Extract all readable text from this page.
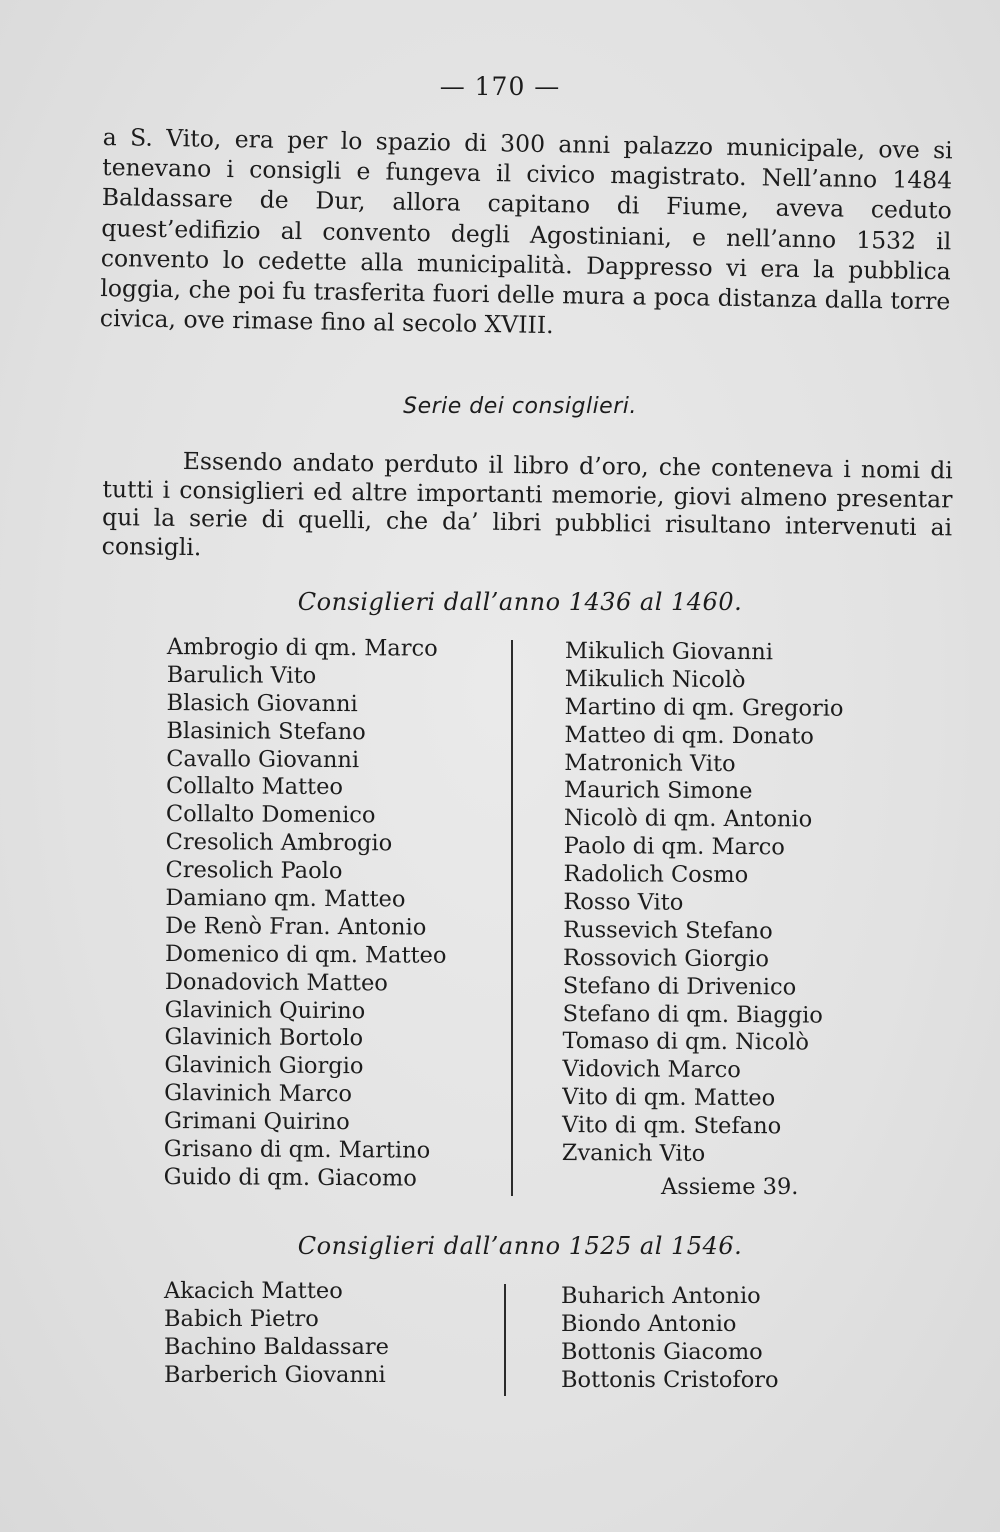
— 170 —
a S. Vito, era per lo spazio di 300 anni palazzo municipale, ove si tenevano i consigli e fungeva il civico magistrato. Nell’anno 1484 Baldassare de Dur, allora capitano di Fiume, aveva ceduto quest’edifizio al convento degli Agostiniani, e nell’anno 1532 il convento lo cedette alla municipalità. Dappresso vi era la pubblica loggia, che poi fu trasferita fuori delle mura a poca distanza dalla torre civica, ove rimase fino al secolo XVIII.
Serie dei consiglieri.
Essendo andato perduto il libro d’oro, che conteneva i nomi di tutti i consiglieri ed altre importanti memorie, giovi almeno presentar qui la serie di quelli, che da’ libri pubblici risultano intervenuti ai consigli.
Consiglieri dall’anno 1436 al 1460.
Ambrogio di qm. Marco
Barulich Vito
Blasich Giovanni
Blasinich Stefano
Cavallo Giovanni
Collalto Matteo
Collalto Domenico
Cresolich Ambrogio
Cresolich Paolo
Damiano qm. Matteo
De Renò Fran. Antonio
Domenico di qm. Matteo
Donadovich Matteo
Glavinich Quirino
Glavinich Bortolo
Glavinich Giorgio
Glavinich Marco
Grimani Quirino
Grisano di qm. Martino
Guido di qm. Giacomo
Mikulich Giovanni
Mikulich Nicolò
Martino di qm. Gregorio
Matteo di qm. Donato
Matronich Vito
Maurich Simone
Nicolò di qm. Antonio
Paolo di qm. Marco
Radolich Cosmo
Rosso Vito
Russevich Stefano
Rossovich Giorgio
Stefano di Drivenico
Stefano di qm. Biaggio
Tomaso di qm. Nicolò
Vidovich Marco
Vito di qm. Matteo
Vito di qm. Stefano
Zvanich Vito
Assieme 39.
Consiglieri dall’anno 1525 al 1546.
Akacich Matteo
Babich Pietro
Bachino Baldassare
Barberich Giovanni
Buharich Antonio
Biondo Antonio
Bottonis Giacomo
Bottonis Cristoforo
